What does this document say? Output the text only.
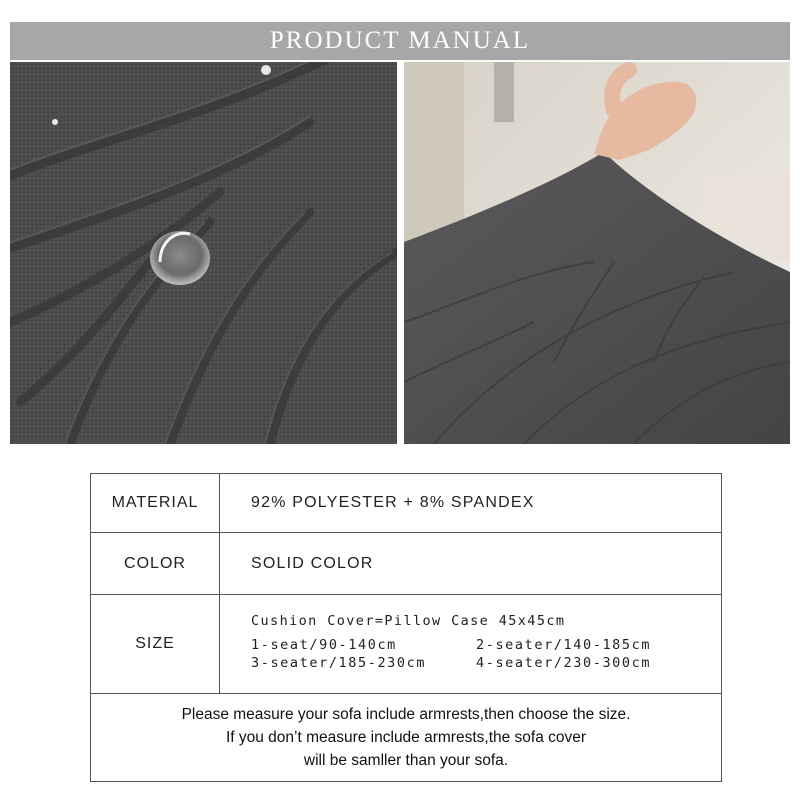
PRODUCT MANUAL
MATERIAL	92% POLYESTER + 8% SPANDEX
COLOR	SOLID COLOR
SIZE
Cushion Cover=Pillow Case 45x45cm
1-seat/90-140cm	2-seater/140-185cm
3-seater/185-230cm	4-seater/230-300cm
Please measure your sofa include armrests,then choose the size.
If you don’t measure include armrests,the sofa cover
will be samller than your sofa.
